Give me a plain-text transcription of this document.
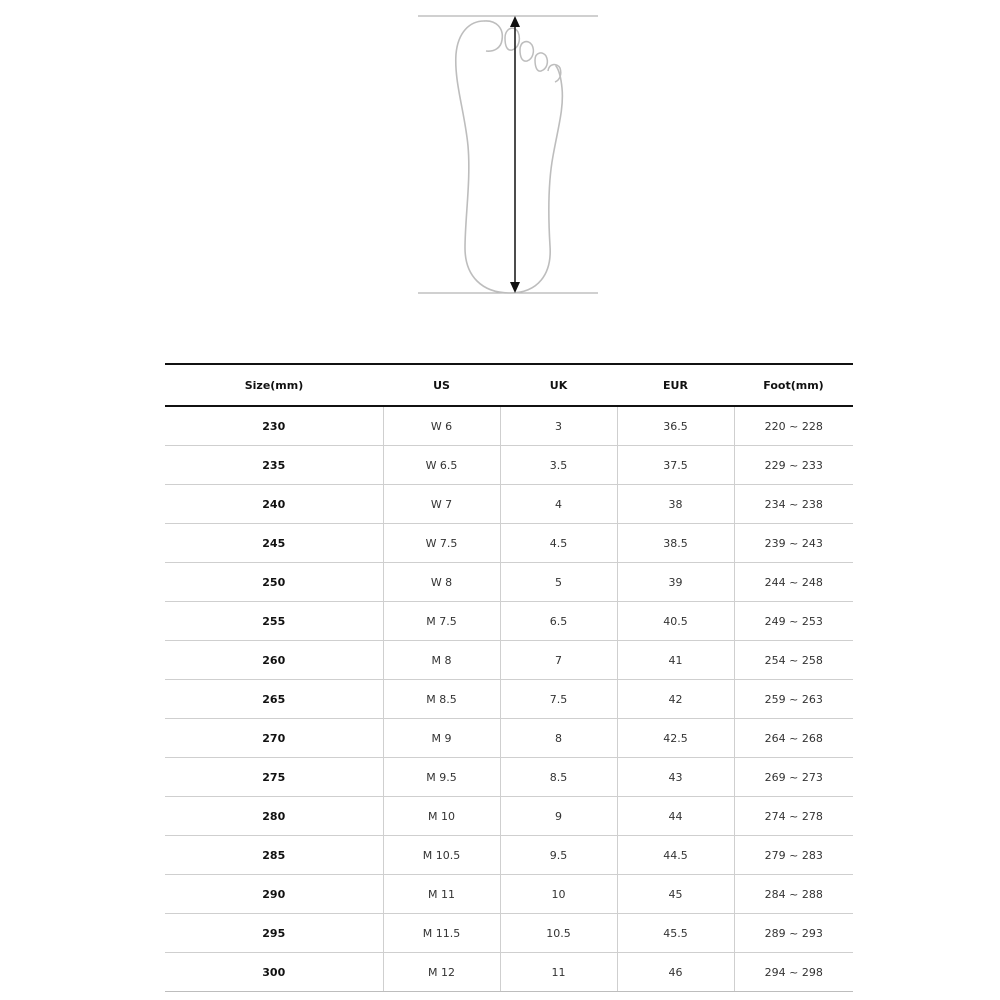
Size(mm)	US	UK	EUR	Foot(mm)
230	W 6	3	36.5	220 ~ 228
235	W 6.5	3.5	37.5	229 ~ 233
240	W 7	4	38	234 ~ 238
245	W 7.5	4.5	38.5	239 ~ 243
250	W 8	5	39	244 ~ 248
255	M 7.5	6.5	40.5	249 ~ 253
260	M 8	7	41	254 ~ 258
265	M 8.5	7.5	42	259 ~ 263
270	M 9	8	42.5	264 ~ 268
275	M 9.5	8.5	43	269 ~ 273
280	M 10	9	44	274 ~ 278
285	M 10.5	9.5	44.5	279 ~ 283
290	M 11	10	45	284 ~ 288
295	M 11.5	10.5	45.5	289 ~ 293
300	M 12	11	46	294 ~ 298
